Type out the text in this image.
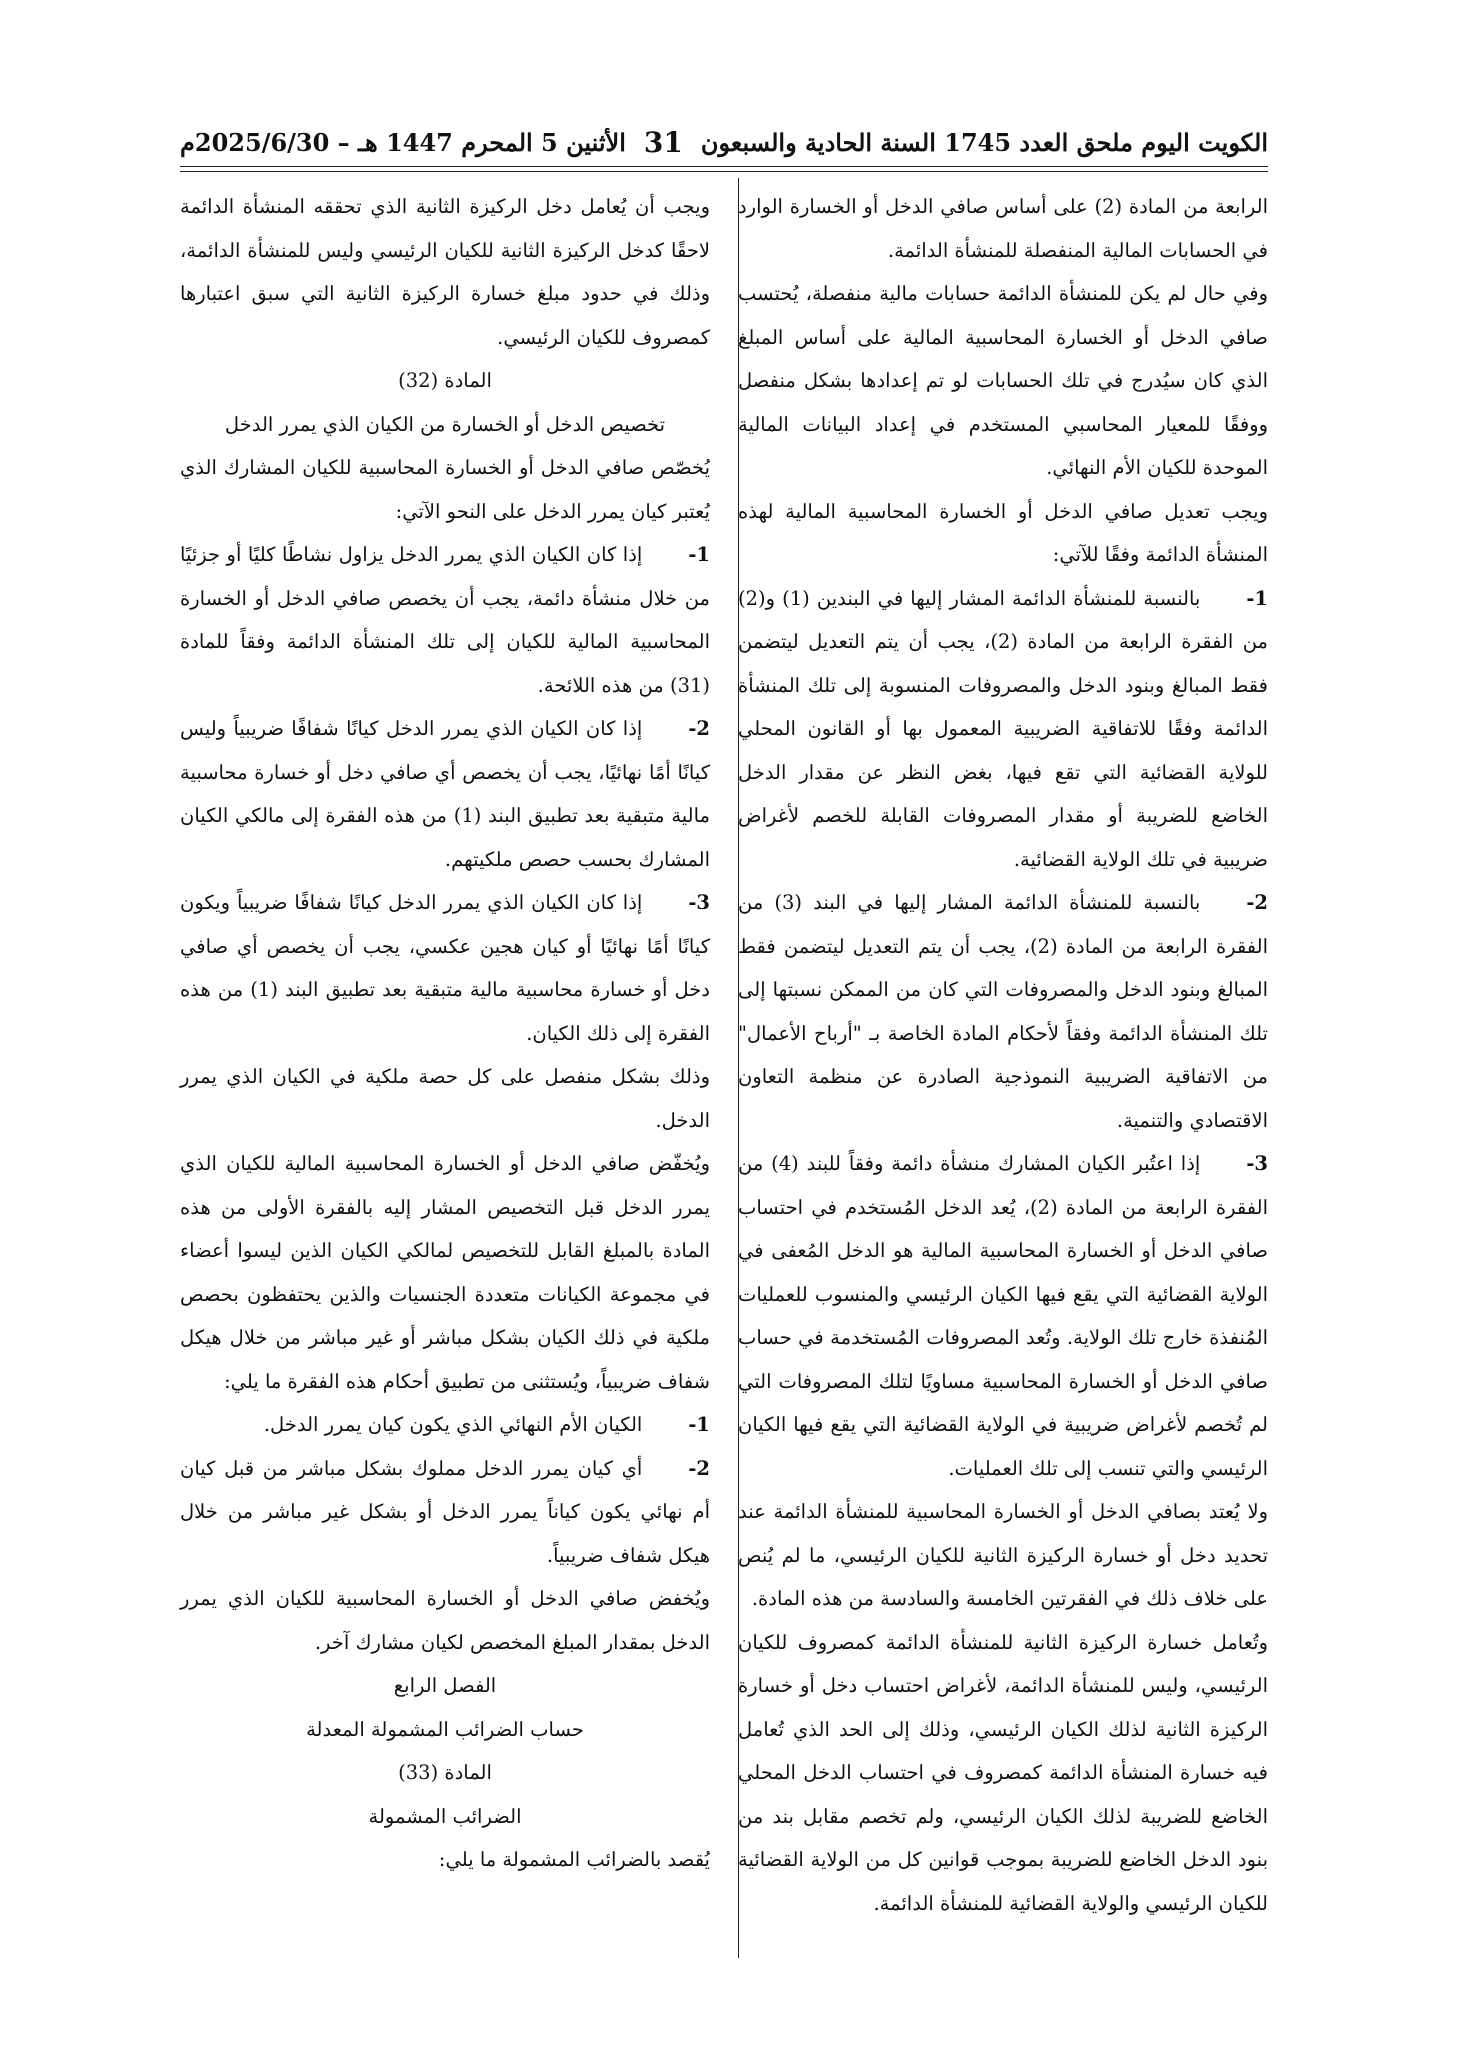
الكويت اليوم ملحق العدد 1745 السنة الحادية والسبعون
31
الأثنين 5 المحرم 1447 هـ – 2025/6/30م

الرابعة من المادة (2) على أساس صافي الدخل أو الخسارة الوارد في الحسابات المالية المنفصلة للمنشأة الدائمة.

وفي حال لم يكن للمنشأة الدائمة حسابات مالية منفصلة، يُحتسب صافي الدخل أو الخسارة المحاسبية المالية على أساس المبلغ الذي كان سيُدرج في تلك الحسابات لو تم إعدادها بشكل منفصل ووفقًا للمعيار المحاسبي المستخدم في إعداد البيانات المالية الموحدة للكيان الأم النهائي.

ويجب تعديل صافي الدخل أو الخسارة المحاسبية المالية لهذه المنشأة الدائمة وفقًا للآتي:

1-بالنسبة للمنشأة الدائمة المشار إليها في البندين (1) و(2) من الفقرة الرابعة من المادة (2)، يجب أن يتم التعديل ليتضمن فقط المبالغ وبنود الدخل والمصروفات المنسوبة إلى تلك المنشأة الدائمة وفقًا للاتفاقية الضريبية المعمول بها أو القانون المحلي للولاية القضائية التي تقع فيها، بغض النظر عن مقدار الدخل الخاضع للضريبة أو مقدار المصروفات القابلة للخصم لأغراض ضريبية في تلك الولاية القضائية.

2-بالنسبة للمنشأة الدائمة المشار إليها في البند (3) من الفقرة الرابعة من المادة (2)، يجب أن يتم التعديل ليتضمن فقط المبالغ وبنود الدخل والمصروفات التي كان من الممكن نسبتها إلى تلك المنشأة الدائمة وفقاً لأحكام المادة الخاصة بـ "أرباح الأعمال" من الاتفاقية الضريبية النموذجية الصادرة عن منظمة التعاون الاقتصادي والتنمية.

3-إذا اعتُبر الكيان المشارك منشأة دائمة وفقاً للبند (4) من الفقرة الرابعة من المادة (2)، يُعد الدخل المُستخدم في احتساب صافي الدخل أو الخسارة المحاسبية المالية هو الدخل المُعفى في الولاية القضائية التي يقع فيها الكيان الرئيسي والمنسوب للعمليات المُنفذة خارج تلك الولاية. وتُعد المصروفات المُستخدمة في حساب صافي الدخل أو الخسارة المحاسبية مساويًا لتلك المصروفات التي لم تُخصم لأغراض ضريبية في الولاية القضائية التي يقع فيها الكيان الرئيسي والتي تنسب إلى تلك العمليات.

ولا يُعتد بصافي الدخل أو الخسارة المحاسبية للمنشأة الدائمة عند تحديد دخل أو خسارة الركيزة الثانية للكيان الرئيسي، ما لم يُنص على خلاف ذلك في الفقرتين الخامسة والسادسة من هذه المادة.

وتُعامل خسارة الركيزة الثانية للمنشأة الدائمة كمصروف للكيان الرئيسي، وليس للمنشأة الدائمة، لأغراض احتساب دخل أو خسارة الركيزة الثانية لذلك الكيان الرئيسي، وذلك إلى الحد الذي تُعامل فيه خسارة المنشأة الدائمة كمصروف في احتساب الدخل المحلي الخاضع للضريبة لذلك الكيان الرئيسي، ولم تخصم مقابل بند من بنود الدخل الخاضع للضريبة بموجب قوانين كل من الولاية القضائية للكيان الرئيسي والولاية القضائية للمنشأة الدائمة.

ويجب أن يُعامل دخل الركيزة الثانية الذي تحققه المنشأة الدائمة لاحقًا كدخل الركيزة الثانية للكيان الرئيسي وليس للمنشأة الدائمة، وذلك في حدود مبلغ خسارة الركيزة الثانية التي سبق اعتبارها كمصروف للكيان الرئيسي.

المادة (32)

تخصيص الدخل أو الخسارة من الكيان الذي يمرر الدخل

يُخصّص صافي الدخل أو الخسارة المحاسبية للكيان المشارك الذي يُعتبر كيان يمرر الدخل على النحو الآتي:

1-إذا كان الكيان الذي يمرر الدخل يزاول نشاطًا كليًا أو جزئيًا من خلال منشأة دائمة، يجب أن يخصص صافي الدخل أو الخسارة المحاسبية المالية للكيان إلى تلك المنشأة الدائمة وفقاً للمادة (31) من هذه اللائحة.

2-إذا كان الكيان الذي يمرر الدخل كيانًا شفافًا ضريبياً وليس كيانًا أمًا نهائيًا، يجب أن يخصص أي صافي دخل أو خسارة محاسبية مالية متبقية بعد تطبيق البند (1) من هذه الفقرة إلى مالكي الكيان المشارك بحسب حصص ملكيتهم.

3-إذا كان الكيان الذي يمرر الدخل كيانًا شفافًا ضريبياً ويكون كيانًا أمًا نهائيًا أو كيان هجين عكسي، يجب أن يخصص أي صافي دخل أو خسارة محاسبية مالية متبقية بعد تطبيق البند (1) من هذه الفقرة إلى ذلك الكيان.

وذلك بشكل منفصل على كل حصة ملكية في الكيان الذي يمرر الدخل.

ويُخفّض صافي الدخل أو الخسارة المحاسبية المالية للكيان الذي يمرر الدخل قبل التخصيص المشار إليه بالفقرة الأولى من هذه المادة بالمبلغ القابل للتخصيص لمالكي الكيان الذين ليسوا أعضاء في مجموعة الكيانات متعددة الجنسيات والذين يحتفظون بحصص ملكية في ذلك الكيان بشكل مباشر أو غير مباشر من خلال هيكل شفاف ضريبياً، ويُستثنى من تطبيق أحكام هذه الفقرة ما يلي:

1-الكيان الأم النهائي الذي يكون كيان يمرر الدخل.

2-أي كيان يمرر الدخل مملوك بشكل مباشر من قبل كيان أم نهائي يكون كياناً يمرر الدخل أو بشكل غير مباشر من خلال هيكل شفاف ضريبياً.

ويُخفض صافي الدخل أو الخسارة المحاسبية للكيان الذي يمرر الدخل بمقدار المبلغ المخصص لكيان مشارك آخر.

الفصل الرابع

حساب الضرائب المشمولة المعدلة

المادة (33)

الضرائب المشمولة

يُقصد بالضرائب المشمولة ما يلي:
